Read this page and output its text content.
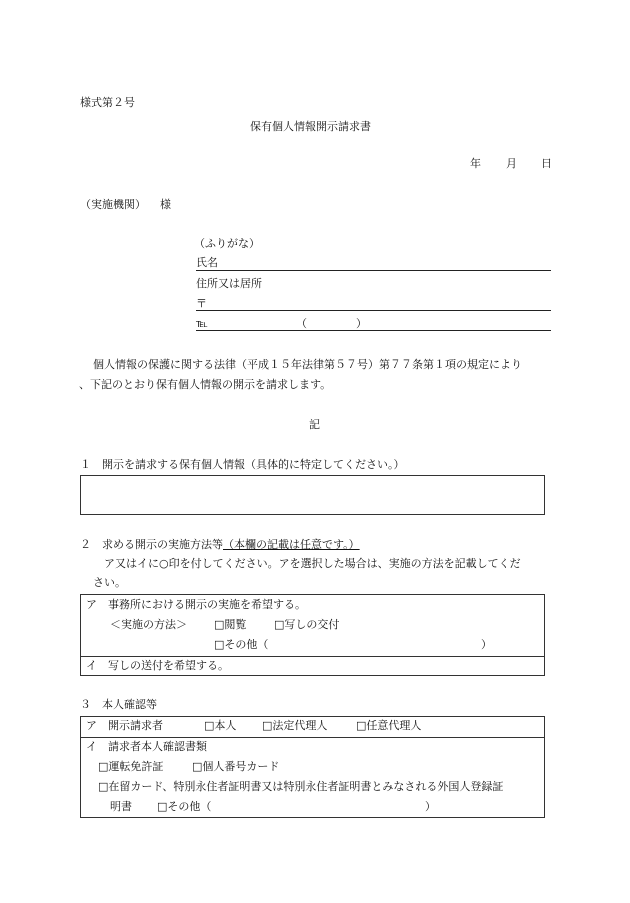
様式第２号
保有個人情報開示請求書
年 月 日
（実施機関） 様
（ふりがな）
氏名
住所又は居所
〒
℡	（	）
個人情報の保護に関する法律（平成１５年法律第５７号）第７７条第１項の規定により
、下記のとおり保有個人情報の開示を請求します。
記
１　開示を請求する保有個人情報（具体的に特定してください。）
２　求める開示の実施方法等（本欄の記載は任意です。）
ア又はイに○印を付してください。アを選択した場合は、実施の方法を記載してくだ
さい。
ア　事務所における開示の実施を希望する。
＜実施の方法＞ □閲覧	□写しの交付
□その他（	）
イ　写しの送付を希望する。
３　本人確認等
ア　開示請求者	□本人 □法定代理人	□任意代理人
イ　請求者本人確認書類
□運転免許証	□個人番号カード
□在留カード、特別永住者証明書又は特別永住者証明書とみなされる外国人登録証
明書 □その他（	）
